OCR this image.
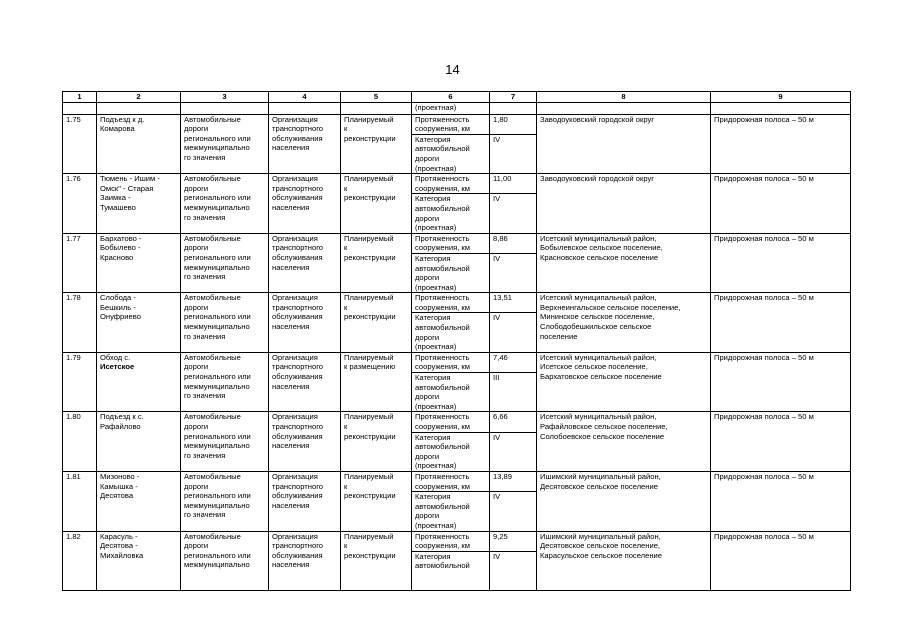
14
1	2	3	4	5	6	7	8	9
					(проектная)			
1.75	Подъезд к д.
Комарова	Автомобильные
дороги
регионального или
межмуниципально
го значения	Организация
транспортного
обслуживания
населения	Планируемый
к
реконструкции	Протяженность
сооружения, км	1,80	Заводоуковский городской округ	Придорожная полоса – 50 м
					Категория
автомобильной
дороги
(проектная)	IV		
1.76	Тюмень - Ишим -
Омск" - Старая
Заимка -
Тумашево	Автомобильные
дороги
регионального или
межмуниципально
го значения	Организация
транспортного
обслуживания
населения	Планируемый
к
реконструкции	Протяженность
сооружения, км	11,00	Заводоуковский городской округ	Придорожная полоса – 50 м
					Категория
автомобильной
дороги
(проектная)	IV		
1.77	Бархатово -
Бобылево -
Красново	Автомобильные
дороги
регионального или
межмуниципально
го значения	Организация
транспортного
обслуживания
населения	Планируемый
к
реконструкции	Протяженность
сооружения, км	8,86	Исетский муниципальный район,
Бобылевское сельское поселение,
Красновское сельское поселение	Придорожная полоса – 50 м
					Категория
автомобильной
дороги
(проектная)	IV		
1.78	Слобода -
Бешкиль -
Онуфриево	Автомобильные
дороги
регионального или
межмуниципально
го значения	Организация
транспортного
обслуживания
населения	Планируемый
к
реконструкции	Протяженность
сооружения, км	13,51	Исетский муниципальный район,
Верхнеингальское сельское поселение,
Мининское сельское поселение,
Слободобешкильское сельское
поселение	Придорожная полоса – 50 м
					Категория
автомобильной
дороги
(проектная)	IV		
1.79	Обход с.
Исетское	Автомобильные
дороги
регионального или
межмуниципально
го значения	Организация
транспортного
обслуживания
населения	Планируемый
к размещению	Протяженность
сооружения, км	7,46	Исетский муниципальный район,
Исетское сельское поселение,
Бархатовское сельское поселение	Придорожная полоса – 50 м
					Категория
автомобильной
дороги
(проектная)	III		
1.80	Подъезд к с.
Рафайлово	Автомобильные
дороги
регионального или
межмуниципально
го значения	Организация
транспортного
обслуживания
населения	Планируемый
к
реконструкции	Протяженность
сооружения, км	6,66	Исетский муниципальный район,
Рафайловское сельское поселение,
Солобоевское сельское поселение	Придорожная полоса – 50 м
					Категория
автомобильной
дороги
(проектная)	IV		
1.81	Мизоново -
Камышка -
Десятова	Автомобильные
дороги
регионального или
межмуниципально
го значения	Организация
транспортного
обслуживания
населения	Планируемый
к
реконструкции	Протяженность
сооружения, км	13,89	Ишимский муниципальный район,
Десятовское сельское поселение	Придорожная полоса – 50 м
					Категория
автомобильной
дороги
(проектная)	IV		
1.82	Карасуль -
Десятова -
Михайловка	Автомобильные
дороги
регионального или
межмуниципально	Организация
транспортного
обслуживания
населения	Планируемый
к
реконструкции	Протяженность
сооружения, км	9,25	Ишимский муниципальный район,
Десятовское сельское поселение,
Карасульское сельское поселение	Придорожная полоса – 50 м
					Категория
автомобильной	IV		
